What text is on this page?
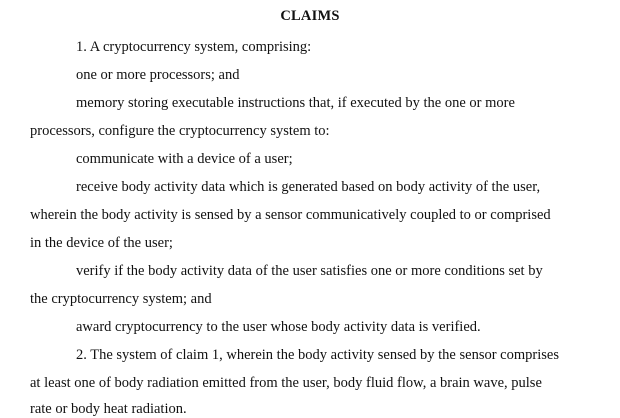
CLAIMS
1. A cryptocurrency system, comprising:
one or more processors; and
memory storing executable instructions that, if executed by the one or more
processors, configure the cryptocurrency system to:
communicate with a device of a user;
receive body activity data which is generated based on body activity of the user,
wherein the body activity is sensed by a sensor communicatively coupled to or comprised
in the device of the user;
verify if the body activity data of the user satisfies one or more conditions set by
the cryptocurrency system; and
award cryptocurrency to the user whose body activity data is verified.
2. The system of claim 1, wherein the body activity sensed by the sensor comprises
at least one of body radiation emitted from the user, body fluid flow, a brain wave, pulse
rate or body heat radiation.
